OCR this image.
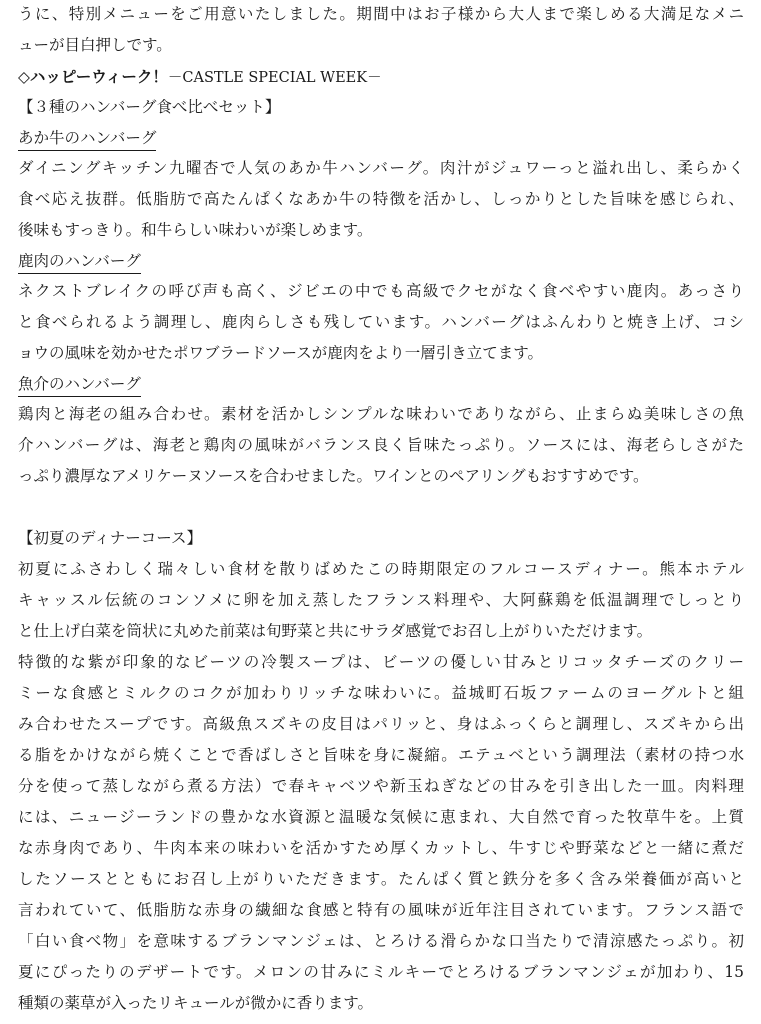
うに、特別メニューをご用意いたしました。期間中はお子様から大人まで楽しめる大満足なメニ
ューが目白押しです。
◇ハッピーウィーク！－CASTLE SPECIAL WEEK－
【３種のハンバーグ食べ比べセット】
あか牛のハンバーグ
ダイニングキッチン九曜杏で人気のあか牛ハンバーグ。肉汁がジュワーっと溢れ出し、柔らかく
食べ応え抜群。低脂肪で高たんぱくなあか牛の特徴を活かし、しっかりとした旨味を感じられ、
後味もすっきり。和牛らしい味わいが楽しめます。
鹿肉のハンバーグ
ネクストブレイクの呼び声も高く、ジビエの中でも高級でクセがなく食べやすい鹿肉。あっさり
と食べられるよう調理し、鹿肉らしさも残しています。ハンバーグはふんわりと焼き上げ、コシ
ョウの風味を効かせたポワブラードソースが鹿肉をより一層引き立てます。
魚介のハンバーグ
鶏肉と海老の組み合わせ。素材を活かしシンプルな味わいでありながら、止まらぬ美味しさの魚
介ハンバーグは、海老と鶏肉の風味がバランス良く旨味たっぷり。ソースには、海老らしさがた
っぷり濃厚なアメリケーヌソースを合わせました。ワインとのペアリングもおすすめです。
【初夏のディナーコース】
初夏にふさわしく瑞々しい食材を散りばめたこの時期限定のフルコースディナー。熊本ホテル
キャッスル伝統のコンソメに卵を加え蒸したフランス料理や、大阿蘇鶏を低温調理でしっとり
と仕上げ白菜を筒状に丸めた前菜は旬野菜と共にサラダ感覚でお召し上がりいただけます。
特徴的な紫が印象的なビーツの冷製スープは、ビーツの優しい甘みとリコッタチーズのクリー
ミーな食感とミルクのコクが加わりリッチな味わいに。益城町石坂ファームのヨーグルトと組
み合わせたスープです。高級魚スズキの皮目はパリッと、身はふっくらと調理し、スズキから出
る脂をかけながら焼くことで香ばしさと旨味を身に凝縮。エテュベという調理法（素材の持つ水
分を使って蒸しながら煮る方法）で春キャベツや新玉ねぎなどの甘みを引き出した一皿。肉料理
には、ニュージーランドの豊かな水資源と温暖な気候に恵まれ、大自然で育った牧草牛を。上質
な赤身肉であり、牛肉本来の味わいを活かすため厚くカットし、牛すじや野菜などと一緒に煮だ
したソースとともにお召し上がりいただきます。たんぱく質と鉄分を多く含み栄養価が高いと
言われていて、低脂肪な赤身の繊細な食感と特有の風味が近年注目されています。フランス語で
「白い食べ物」を意味するブランマンジェは、とろける滑らかな口当たりで清涼感たっぷり。初
夏にぴったりのデザートです。メロンの甘みにミルキーでとろけるブランマンジェが加わり、15
種類の薬草が入ったリキュールが微かに香ります。
